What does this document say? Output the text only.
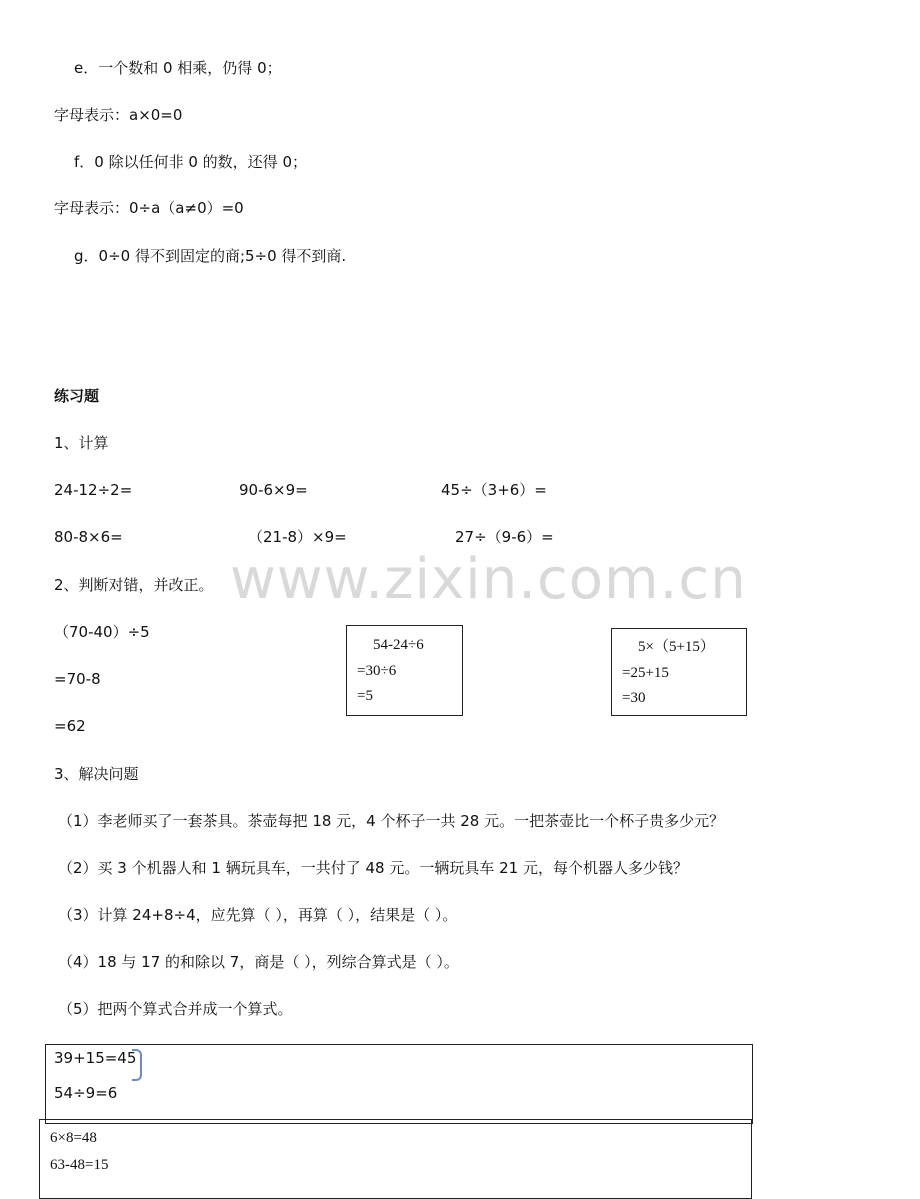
www.zixin.com.cn
e．一个数和 0 相乘，仍得 0；
字母表示：a×0=0
f．0 除以任何非 0 的数，还得 0；
字母表示：0÷a（a≠0）=0
g．0÷0 得不到固定的商;5÷0 得不到商.
练习题
1、计算
24-12÷2=	90-6×9=	45÷（3+6）=
80-8×6=	（21-8）×9=	27÷（9-6）=
2、判断对错，并改正。
（70-40）÷5
=70-8
=62
54-24÷6
=30÷6
=5
5×（5+15）
=25+15
=30
3、解决问题
（1）李老师买了一套茶具。茶壶每把 18 元，4 个杯子一共 28 元。一把茶壶比一个杯子贵多少元？
（2）买 3 个机器人和 1 辆玩具车，一共付了 48 元。一辆玩具车 21 元，每个机器人多少钱？
（3）计算 24+8÷4，应先算（ ），再算（ ），结果是（ ）。
（4）18 与 17 的和除以 7，商是（ ），列综合算式是（ ）。
（5）把两个算式合并成一个算式。
39+15=45
54÷9=6
6×8=48
63-48=15
